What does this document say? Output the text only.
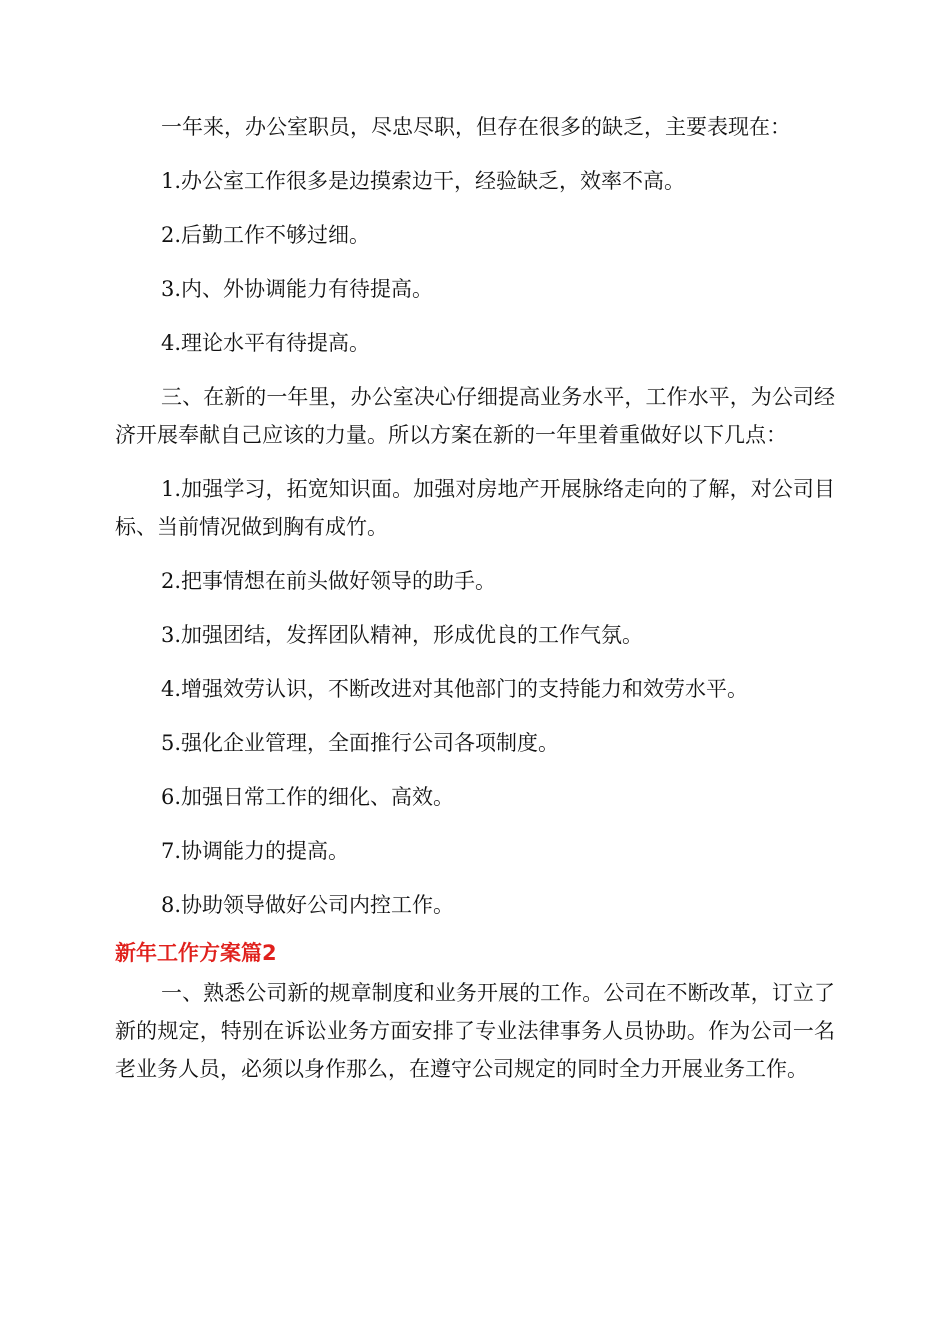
一年来，办公室职员，尽忠尽职，但存在很多的缺乏，主要表现在：

1.办公室工作很多是边摸索边干，经验缺乏，效率不高。

2.后勤工作不够过细。

3.内、外协调能力有待提高。

4.理论水平有待提高。

三、在新的一年里，办公室决心仔细提高业务水平，工作水平，为公司经济开展奉献自己应该的力量。所以方案在新的一年里着重做好以下几点：

1.加强学习，拓宽知识面。加强对房地产开展脉络走向的了解，对公司目标、当前情况做到胸有成竹。

2.把事情想在前头做好领导的助手。

3.加强团结，发挥团队精神，形成优良的工作气氛。

4.增强效劳认识，不断改进对其他部门的支持能力和效劳水平。

5.强化企业管理，全面推行公司各项制度。

6.加强日常工作的细化、高效。

7.协调能力的提高。

8.协助领导做好公司内控工作。

新年工作方案篇2

一、熟悉公司新的规章制度和业务开展的工作。公司在不断改革，订立了新的规定，特别在诉讼业务方面安排了专业法律事务人员协助。作为公司一名老业务人员，必须以身作那么，在遵守公司规定的同时全力开展业务工作。
